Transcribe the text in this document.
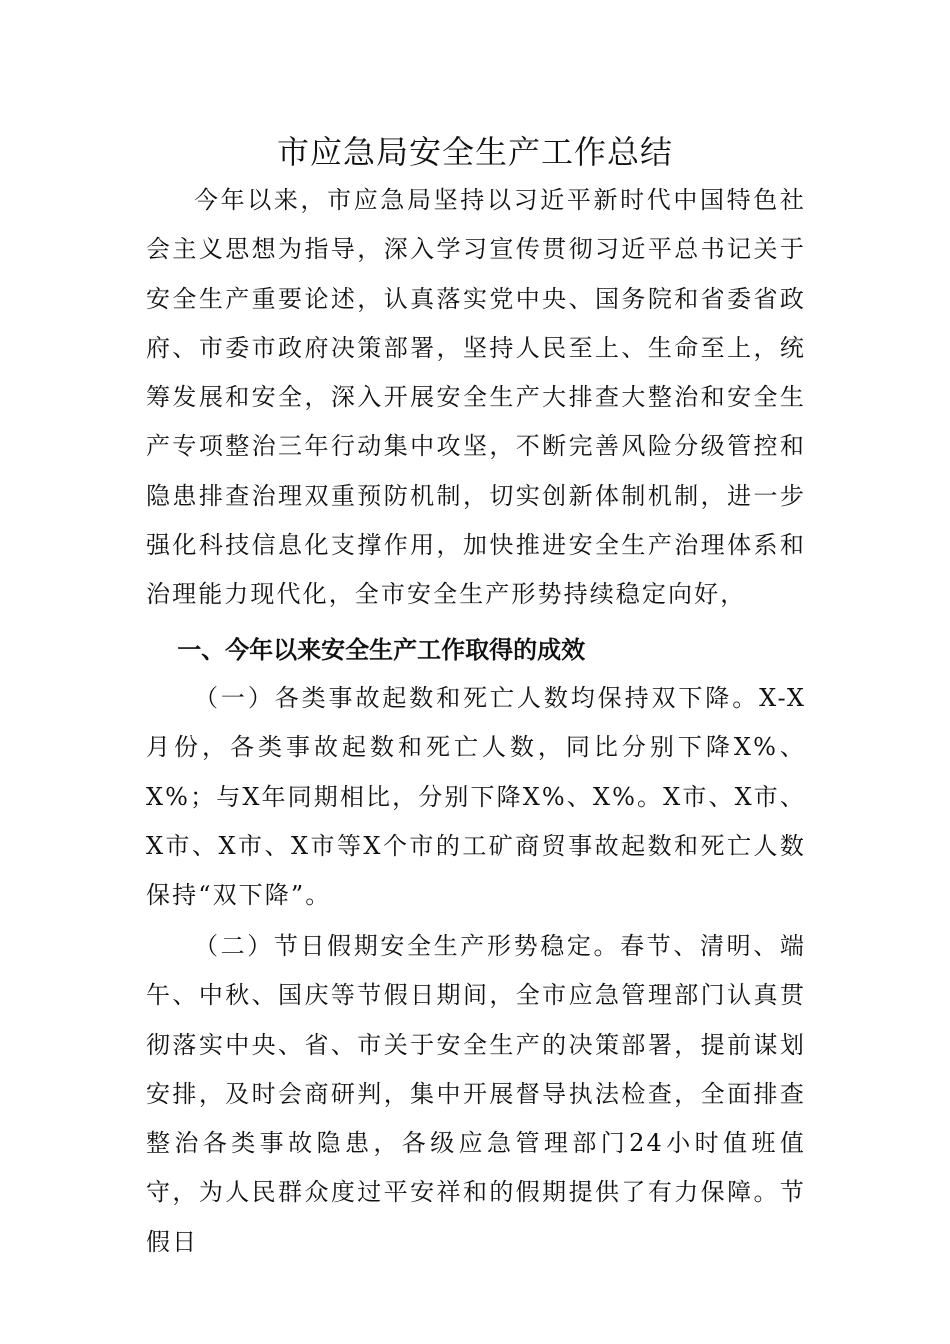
市应急局安全生产工作总结

今年以来，市应急局坚持以习近平新时代中国特色社会主义思想为指导，深入学习宣传贯彻习近平总书记关于安全生产重要论述，认真落实党中央、国务院和省委省政府、市委市政府决策部署，坚持人民至上、生命至上，统筹发展和安全，深入开展安全生产大排查大整治和安全生产专项整治三年行动集中攻坚，不断完善风险分级管控和隐患排查治理双重预防机制，切实创新体制机制，进一步强化科技信息化支撑作用，加快推进安全生产治理体系和治理能力现代化，全市安全生产形势持续稳定向好，

一、今年以来安全生产工作取得的成效

（一）各类事故起数和死亡人数均保持双下降。X-X月份，各类事故起数和死亡人数，同比分别下降X%、X%；与X年同期相比，分别下降X%、X%。X市、X市、X市、X市、X市等X个市的工矿商贸事故起数和死亡人数保持“双下降”。

（二）节日假期安全生产形势稳定。春节、清明、端午、中秋、国庆等节假日期间，全市应急管理部门认真贯彻落实中央、省、市关于安全生产的决策部署，提前谋划安排，及时会商研判，集中开展督导执法检查，全面排查整治各类事故隐患，各级应急管理部门24小时值班值守，为人民群众度过平安祥和的假期提供了有力保障。节假日
